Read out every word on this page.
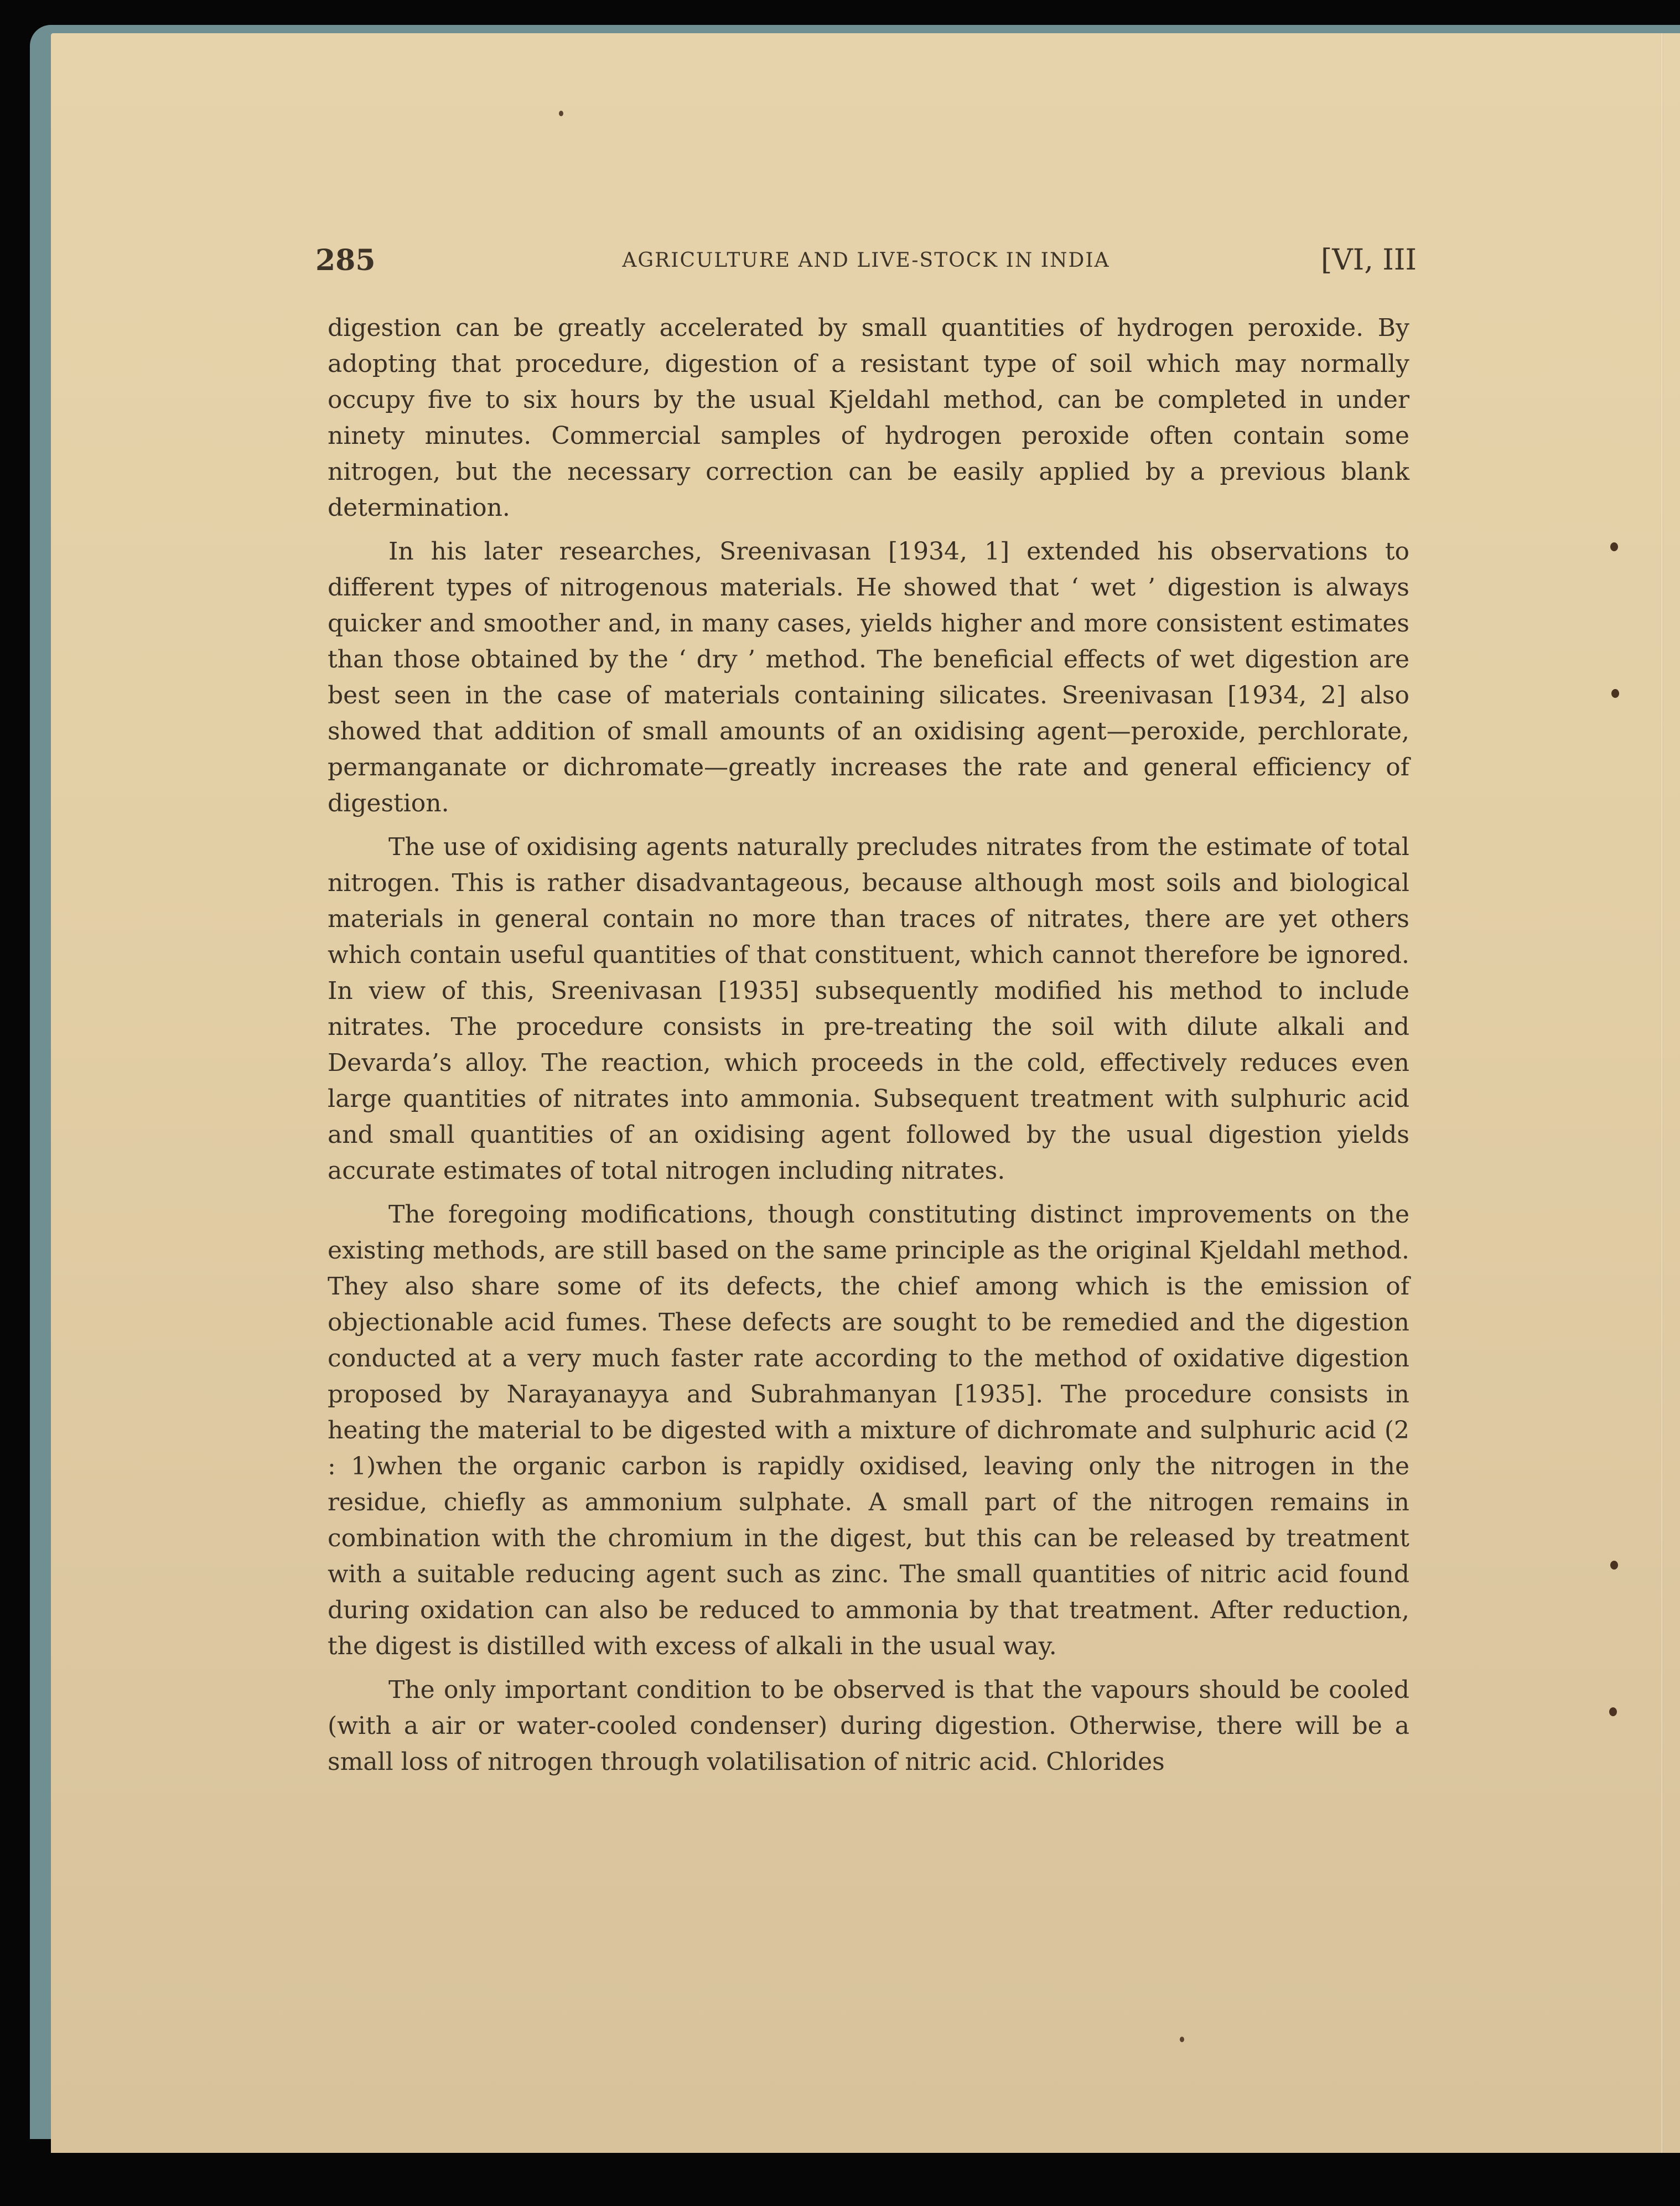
285	AGRICULTURE AND LIVE-STOCK IN INDIA	[VI, III

digestion can be greatly accelerated by small quantities of hydrogen peroxide. By adopting that procedure, digestion of a resistant type of soil which may normally occupy five to six hours by the usual Kjeldahl method, can be completed in under ninety minutes. Commercial samples of hydrogen peroxide often contain some nitrogen, but the necessary correction can be easily applied by a previous blank determination.

In his later researches, Sreenivasan [1934, 1] extended his observations to different types of nitrogenous materials. He showed that ‘ wet ’ digestion is always quicker and smoother and, in many cases, yields higher and more consistent estimates than those obtained by the ‘ dry ’ method. The beneficial effects of wet digestion are best seen in the case of materials containing silicates. Sreenivasan [1934, 2] also showed that addition of small amounts of an oxidising agent—peroxide, perchlorate, permanganate or dichromate—greatly increases the rate and general efficiency of digestion.

The use of oxidising agents naturally precludes nitrates from the estimate of total nitrogen. This is rather disadvantageous, because although most soils and biological materials in general contain no more than traces of nitrates, there are yet others which contain useful quantities of that constituent, which cannot therefore be ignored. In view of this, Sreenivasan [1935] subsequently modified his method to include nitrates. The procedure consists in pre-treating the soil with dilute alkali and Devarda’s alloy. The reaction, which proceeds in the cold, effectively reduces even large quantities of nitrates into ammonia. Subsequent treatment with sulphuric acid and small quantities of an oxidising agent followed by the usual digestion yields accurate estimates of total nitrogen including nitrates.

The foregoing modifications, though constituting distinct improvements on the existing methods, are still based on the same principle as the original Kjeldahl method. They also share some of its defects, the chief among which is the emission of objectionable acid fumes. These defects are sought to be remedied and the digestion conducted at a very much faster rate according to the method of oxidative digestion proposed by Narayanayya and Subrahmanyan [1935]. The procedure consists in heating the material to be digested with a mixture of dichromate and sulphuric acid (2 : 1)when the organic carbon is rapidly oxidised, leaving only the nitrogen in the residue, chiefly as ammonium sulphate. A small part of the nitrogen remains in combination with the chromium in the digest, but this can be released by treatment with a suitable reducing agent such as zinc. The small quantities of nitric acid found during oxidation can also be reduced to ammonia by that treatment. After reduction, the digest is distilled with excess of alkali in the usual way.

The only important condition to be observed is that the vapours should be cooled (with a air or water-cooled condenser) during digestion. Otherwise, there will be a small loss of nitrogen through volatilisation of nitric acid. Chlorides
